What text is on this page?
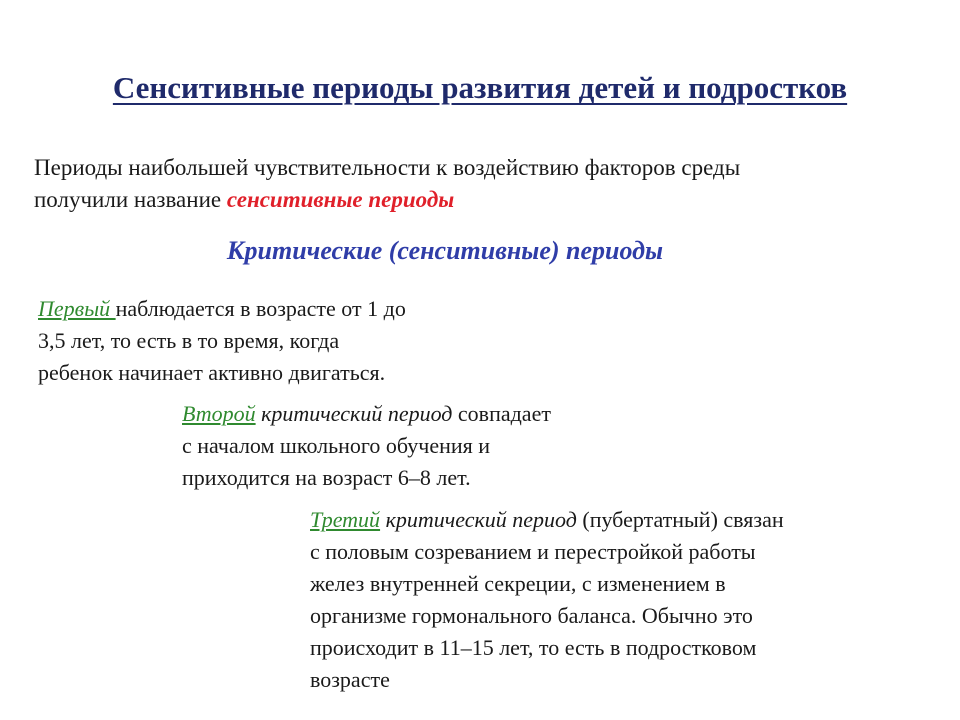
Сенситивные периоды развития детей и подростков
Периоды наибольшей чувствительности к воздействию факторов среды
получили название сенситивные периоды
Критические (сенситивные) периоды
Первый наблюдается в возрасте от 1 до
3,5 лет, то есть в то время, когда
ребенок начинает активно двигаться.
Второй критический период совпадает
с началом школьного обучения и
приходится на возраст 6–8 лет.
Третий критический период (пубертатный) связан
с половым созреванием и перестройкой работы
желез внутренней секреции, с изменением в
организме гормонального баланса. Обычно это
происходит в 11–15 лет, то есть в подростковом
возрасте
